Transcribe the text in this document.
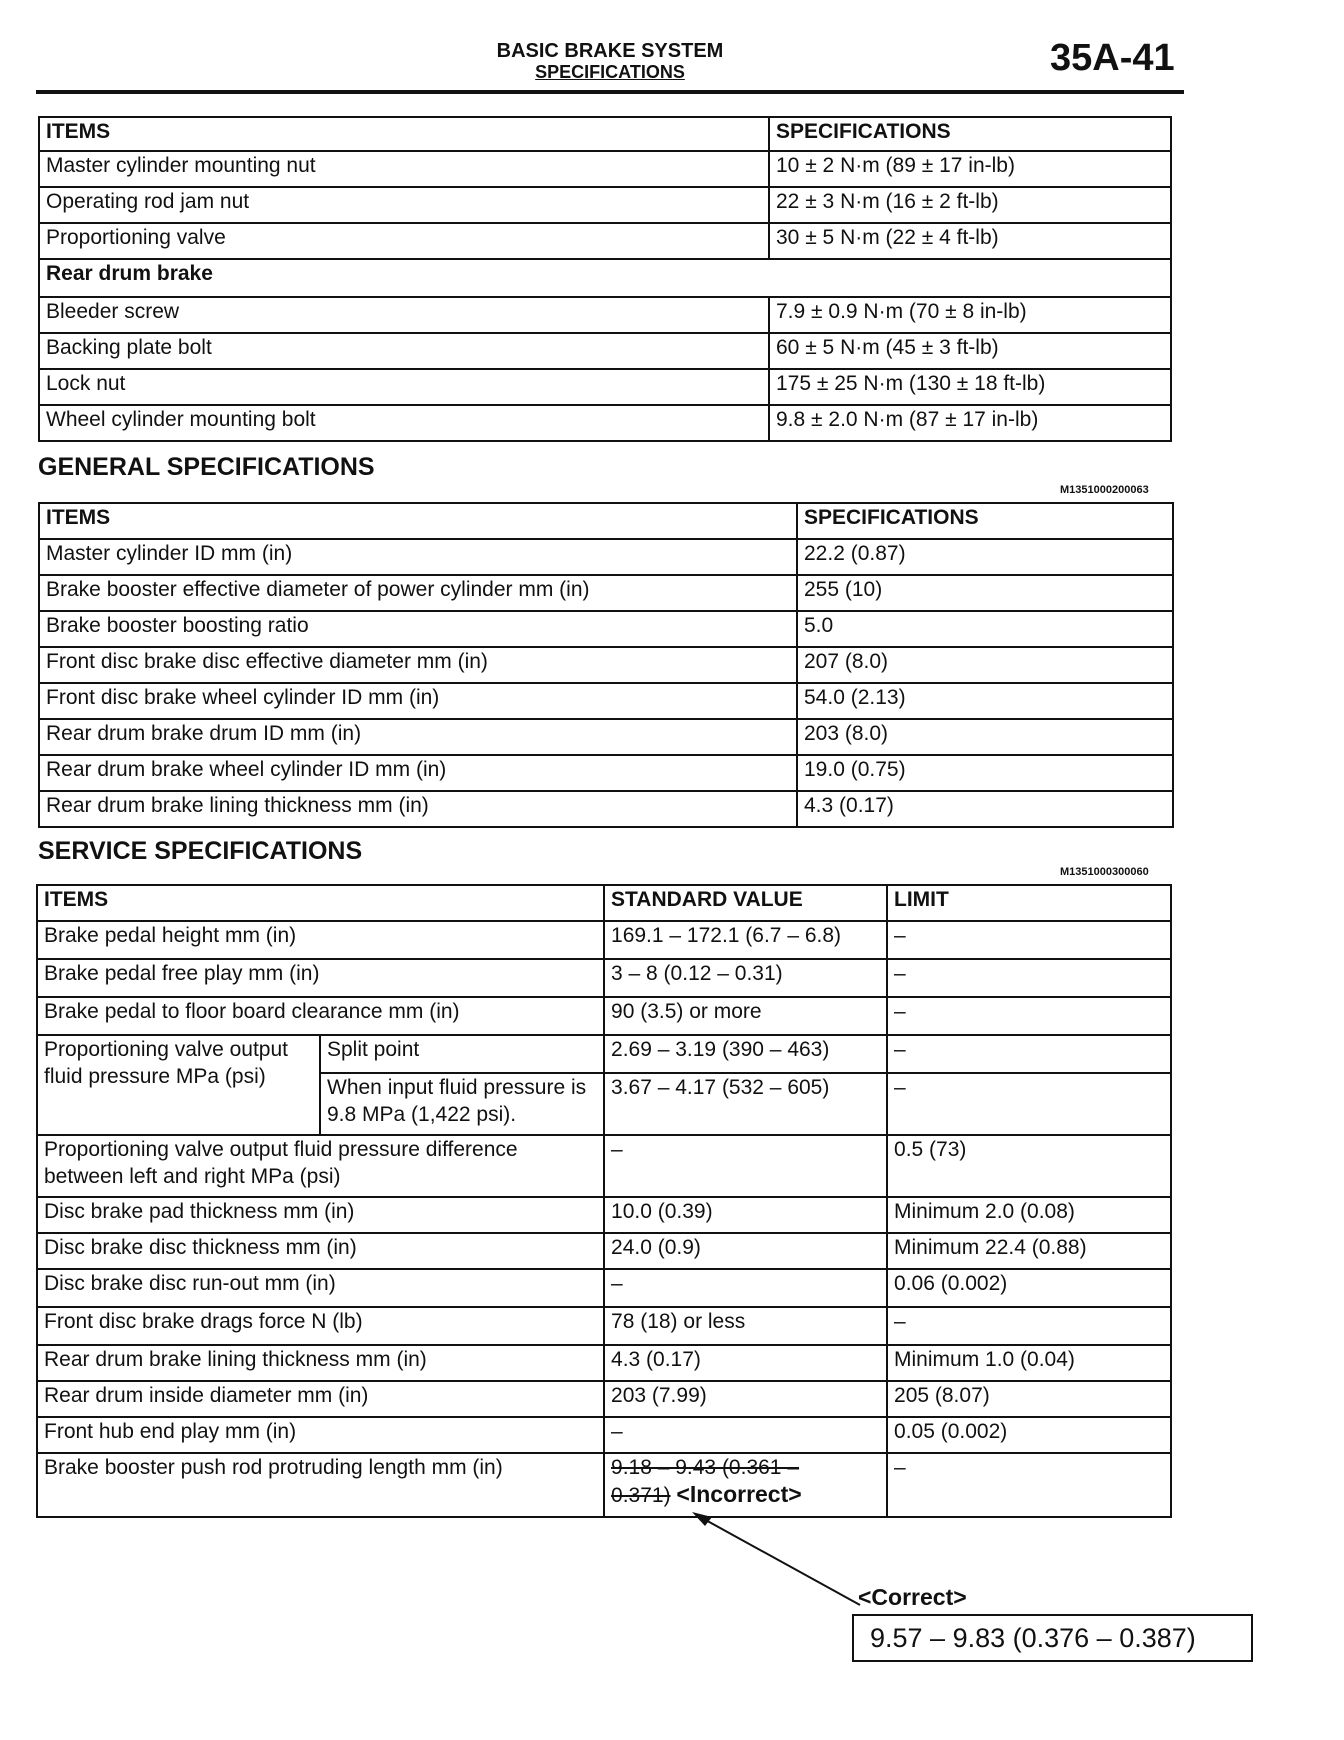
BASIC BRAKE SYSTEM
SPECIFICATIONS	35A-41
ITEMS	SPECIFICATIONS
Master cylinder mounting nut	10 ± 2 N·m (89 ± 17 in-lb)
Operating rod jam nut	22 ± 3 N·m (16 ± 2 ft-lb)
Proportioning valve	30 ± 5 N·m (22 ± 4 ft-lb)
Rear drum brake	
Bleeder screw	7.9 ± 0.9 N·m (70 ± 8 in-lb)
Backing plate bolt	60 ± 5 N·m (45 ± 3 ft-lb)
Lock nut	175 ± 25 N·m (130 ± 18 ft-lb)
Wheel cylinder mounting bolt	9.8 ± 2.0 N·m (87 ± 17 in-lb)
GENERAL SPECIFICATIONS
M1351000200063
ITEMS	SPECIFICATIONS
Master cylinder ID mm (in)	22.2 (0.87)
Brake booster effective diameter of power cylinder mm (in)	255 (10)
Brake booster boosting ratio	5.0
Front disc brake disc effective diameter mm (in)	207 (8.0)
Front disc brake wheel cylinder ID mm (in)	54.0 (2.13)
Rear drum brake drum ID mm (in)	203 (8.0)
Rear drum brake wheel cylinder ID mm (in)	19.0 (0.75)
Rear drum brake lining thickness mm (in)	4.3 (0.17)
SERVICE SPECIFICATIONS
M1351000300060
ITEMS		STANDARD VALUE	LIMIT
Brake pedal height mm (in)		169.1 – 172.1 (6.7 – 6.8)	–
Brake pedal free play mm (in)		3 – 8 (0.12 – 0.31)	–
Brake pedal to floor board clearance mm (in)		90 (3.5) or more	–
Proportioning valve output fluid pressure MPa (psi)	Split point	2.69 – 3.19 (390 – 463)	–
	When input fluid pressure is 9.8 MPa (1,422 psi).	3.67 – 4.17 (532 – 605)	–
Proportioning valve output fluid pressure difference between left and right MPa (psi)		–	0.5 (73)
Disc brake pad thickness mm (in)		10.0 (0.39)	Minimum 2.0 (0.08)
Disc brake disc thickness mm (in)		24.0 (0.9)	Minimum 22.4 (0.88)
Disc brake disc run-out mm (in)		–	0.06 (0.002)
Front disc brake drags force N (lb)		78 (18) or less	–
Rear drum brake lining thickness mm (in)		4.3 (0.17)	Minimum 1.0 (0.04)
Rear drum inside diameter mm (in)		203 (7.99)	205 (8.07)
Front hub end play mm (in)		–	0.05 (0.002)
Brake booster push rod protruding length mm (in)		9.18 – 9.43 (0.361 –
0.371) <Incorrect>	–
<Correct>
9.57 – 9.83 (0.376 – 0.387)
